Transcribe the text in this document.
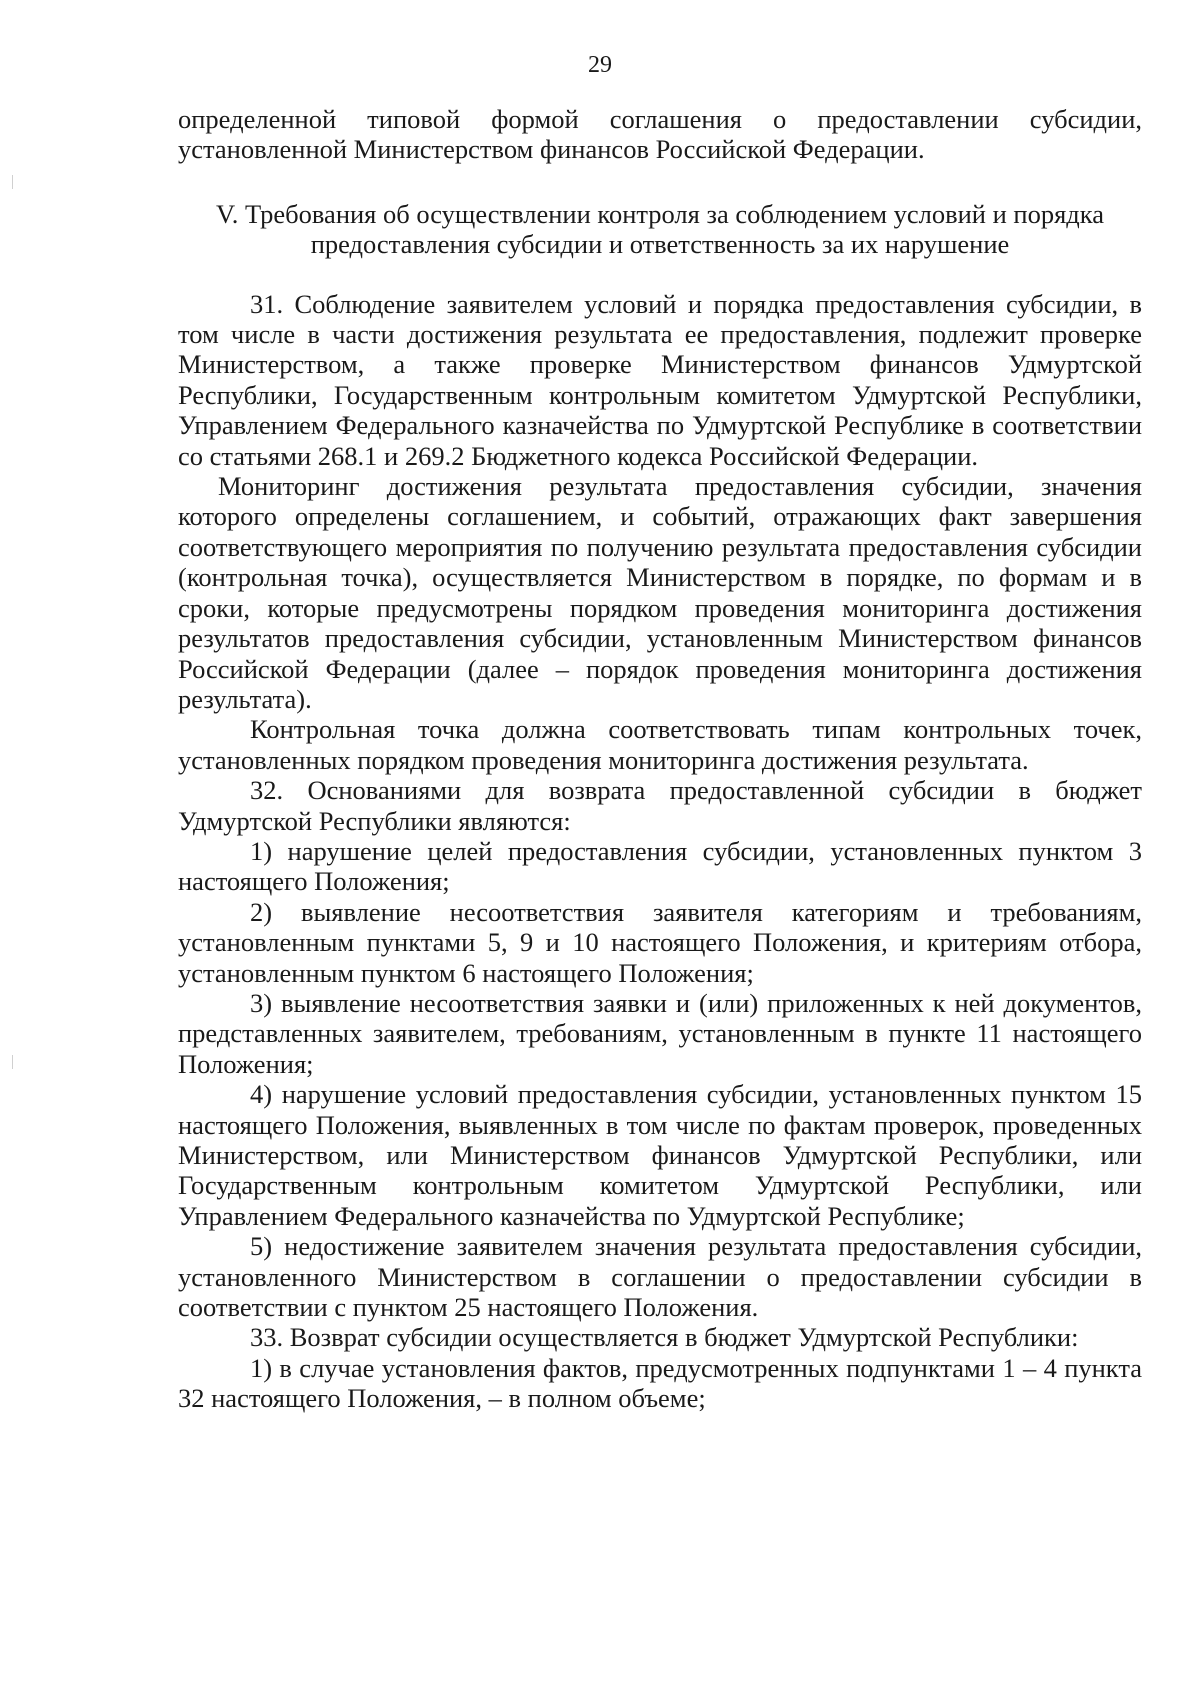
29

определенной типовой формой соглашения о предоставлении субсидии, установленной Министерством финансов Российской Федерации.

V. Требования об осуществлении контроля за соблюдением условий и порядка предоставления субсидии и ответственность за их нарушение

31. Соблюдение заявителем условий и порядка предоставления субсидии, в том числе в части достижения результата ее предоставления, подлежит проверке Министерством, а также проверке Министерством финансов Удмуртской Республики, Государственным контрольным комитетом Удмуртской Республики, Управлением Федерального казначейства по Удмуртской Республике в соответствии со статьями 268.1 и 269.2 Бюджетного кодекса Российской Федерации.

Мониторинг достижения результата предоставления субсидии, значения которого определены соглашением, и событий, отражающих факт завершения соответствующего мероприятия по получению результата предоставления субсидии (контрольная точка), осуществляется Министерством в порядке, по формам и в сроки, которые предусмотрены порядком проведения мониторинга достижения результатов предоставления субсидии, установленным Министерством финансов Российской Федерации (далее – порядок проведения мониторинга достижения результата).

Контрольная точка должна соответствовать типам контрольных точек, установленных порядком проведения мониторинга достижения результата.

32. Основаниями для возврата предоставленной субсидии в бюджет Удмуртской Республики являются:

1) нарушение целей предоставления субсидии, установленных пунктом 3 настоящего Положения;

2) выявление несоответствия заявителя категориям и требованиям, установленным пунктами 5, 9 и 10 настоящего Положения, и критериям отбора, установленным пунктом 6 настоящего Положения;

3) выявление несоответствия заявки и (или) приложенных к ней документов, представленных заявителем, требованиям, установленным в пункте 11 настоящего Положения;

4) нарушение условий предоставления субсидии, установленных пунктом 15 настоящего Положения, выявленных в том числе по фактам проверок, проведенных Министерством, или Министерством финансов Удмуртской Республики, или Государственным контрольным комитетом Удмуртской Республики, или Управлением Федерального казначейства по Удмуртской Республике;

5) недостижение заявителем значения результата предоставления субсидии, установленного Министерством в соглашении о предоставлении субсидии в соответствии с пунктом 25 настоящего Положения.

33. Возврат субсидии осуществляется в бюджет Удмуртской Республики:

1) в случае установления фактов, предусмотренных подпунктами 1 – 4 пункта 32 настоящего Положения, – в полном объеме;
